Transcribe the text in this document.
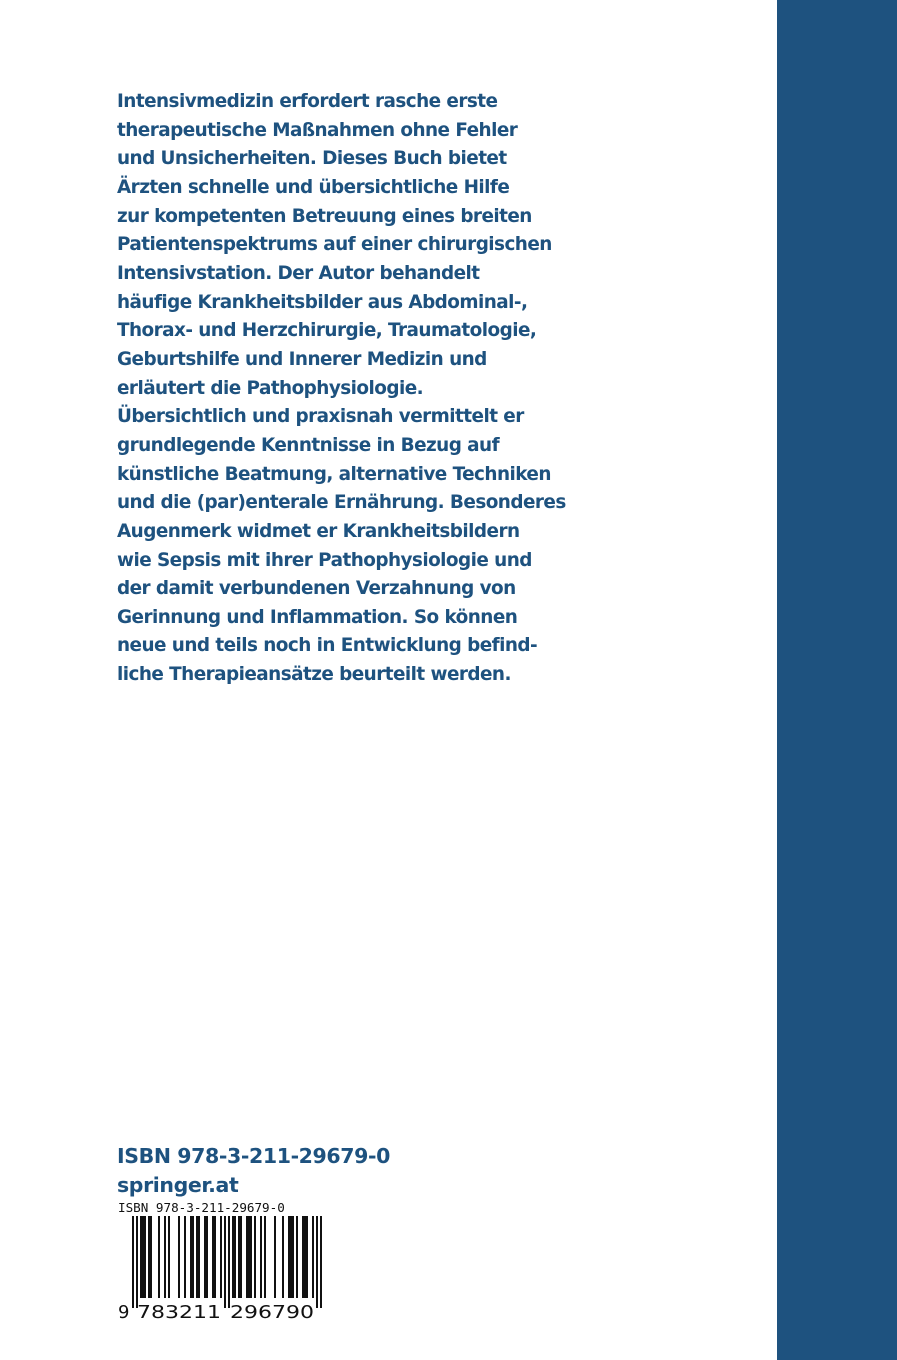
Intensivmedizin erfordert rasche erste
therapeutische Maßnahmen ohne Fehler
und Unsicherheiten. Dieses Buch bietet
Ärzten schnelle und übersichtliche Hilfe
zur kompetenten Betreuung eines breiten
Patientenspektrums auf einer chirurgischen
Intensivstation. Der Autor behandelt
häufige Krankheitsbilder aus Abdominal-,
Thorax- und Herzchirurgie, Traumatologie,
Geburtshilfe und Innerer Medizin und
erläutert die Pathophysiologie.
Übersichtlich und praxisnah vermittelt er
grundlegende Kenntnisse in Bezug auf
künstliche Beatmung, alternative Techniken
und die (par)enterale Ernährung. Besonderes
Augenmerk widmet er Krankheitsbildern
wie Sepsis mit ihrer Pathophysiologie und
der damit verbundenen Verzahnung von
Gerinnung und Inflammation. So können
neue und teils noch in Entwicklung befind-
liche Therapieansätze beurteilt werden.
ISBN 978-3-211-29679-0
springer.at
ISBN 978-3-211-29679-0
9 783211 296790
